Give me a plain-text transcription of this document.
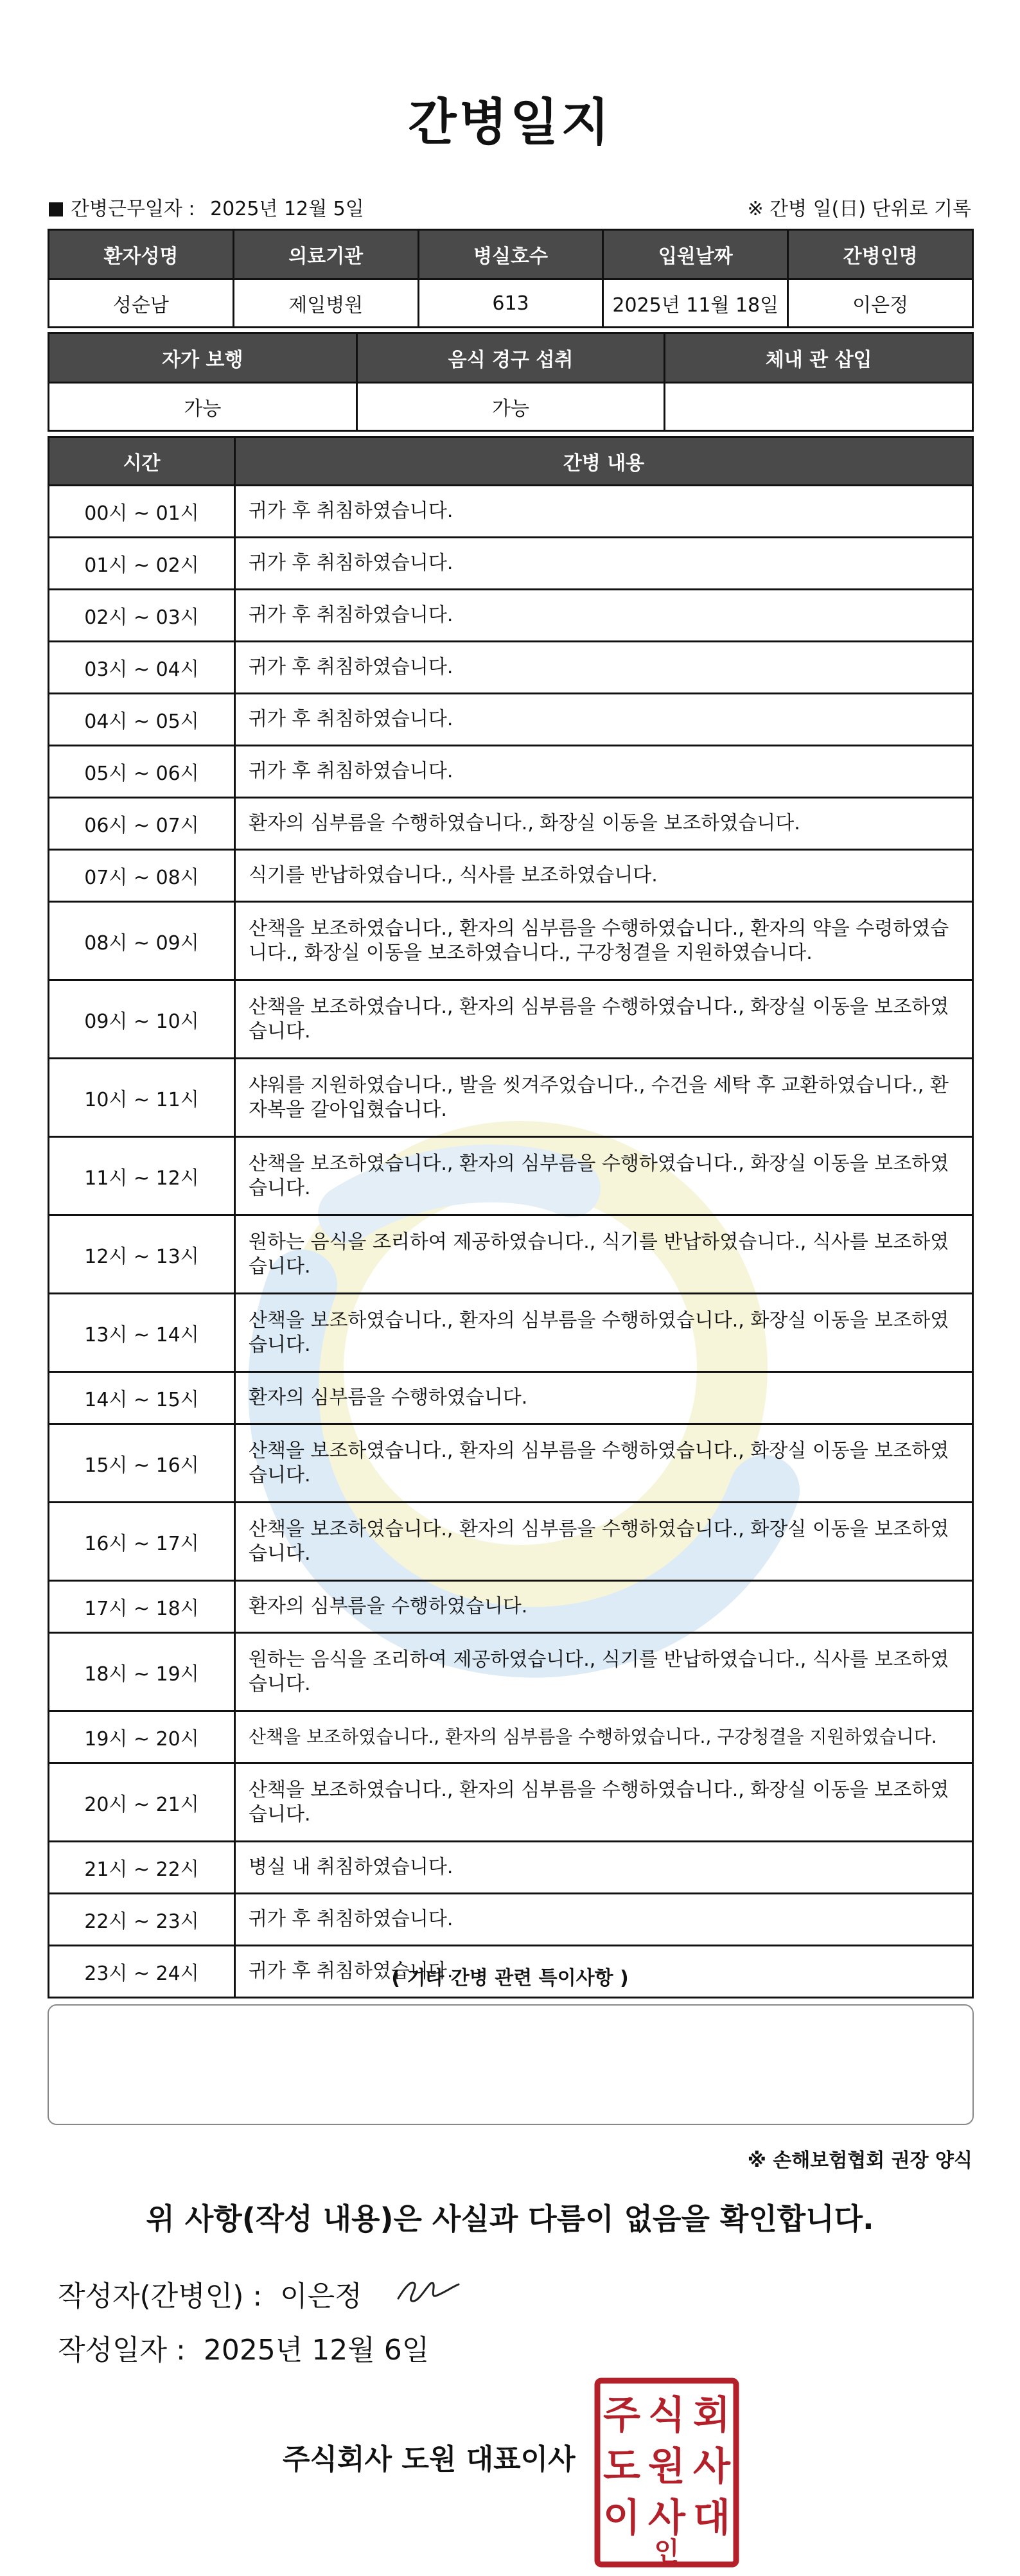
간병일지
간병근무일자 : 2025년 12월 5일	※ 간병 일(日) 단위로 기록
환자성명	의료기관	병실호수	입원날짜	간병인명
성순남	제일병원	613	2025년 11월 18일	이은정
자가 보행	음식 경구 섭취	체내 관 삽입
가능	가능	
시간	간병 내용
00시 ~ 01시	귀가 후 취침하였습니다.
01시 ~ 02시	귀가 후 취침하였습니다.
02시 ~ 03시	귀가 후 취침하였습니다.
03시 ~ 04시	귀가 후 취침하였습니다.
04시 ~ 05시	귀가 후 취침하였습니다.
05시 ~ 06시	귀가 후 취침하였습니다.
06시 ~ 07시	환자의 심부름을 수행하였습니다., 화장실 이동을 보조하였습니다.
07시 ~ 08시	식기를 반납하였습니다., 식사를 보조하였습니다.
08시 ~ 09시	산책을 보조하였습니다., 환자의 심부름을 수행하였습니다., 환자의 약을 수령하였습니다., 화장실 이동을 보조하였습니다., 구강청결을 지원하였습니다.
09시 ~ 10시	산책을 보조하였습니다., 환자의 심부름을 수행하였습니다., 화장실 이동을 보조하였습니다.
10시 ~ 11시	샤워를 지원하였습니다., 발을 씻겨주었습니다., 수건을 세탁 후 교환하였습니다., 환자복을 갈아입혔습니다.
11시 ~ 12시	산책을 보조하였습니다., 환자의 심부름을 수행하였습니다., 화장실 이동을 보조하였습니다.
12시 ~ 13시	원하는 음식을 조리하여 제공하였습니다., 식기를 반납하였습니다., 식사를 보조하였습니다.
13시 ~ 14시	산책을 보조하였습니다., 환자의 심부름을 수행하였습니다., 화장실 이동을 보조하였습니다.
14시 ~ 15시	환자의 심부름을 수행하였습니다.
15시 ~ 16시	산책을 보조하였습니다., 환자의 심부름을 수행하였습니다., 화장실 이동을 보조하였습니다.
16시 ~ 17시	산책을 보조하였습니다., 환자의 심부름을 수행하였습니다., 화장실 이동을 보조하였습니다.
17시 ~ 18시	환자의 심부름을 수행하였습니다.
18시 ~ 19시	원하는 음식을 조리하여 제공하였습니다., 식기를 반납하였습니다., 식사를 보조하였습니다.
19시 ~ 20시	산책을 보조하였습니다., 환자의 심부름을 수행하였습니다., 구강청결을 지원하였습니다.
20시 ~ 21시	산책을 보조하였습니다., 환자의 심부름을 수행하였습니다., 화장실 이동을 보조하였습니다.
21시 ~ 22시	병실 내 취침하였습니다.
22시 ~ 23시	귀가 후 취침하였습니다.
23시 ~ 24시	귀가 후 취침하였습니다.
( 기타 간병 관련 특이사항 )
※ 손해보험협회 권장 양식
위 사항(작성 내용)은 사실과 다름이 없음을 확인합니다.
작성자(간병인) : 이은정
작성일자 : 2025년 12월 6일
주식회사 도원 대표이사
주 식 회
도 원 사
이 사 대
인
